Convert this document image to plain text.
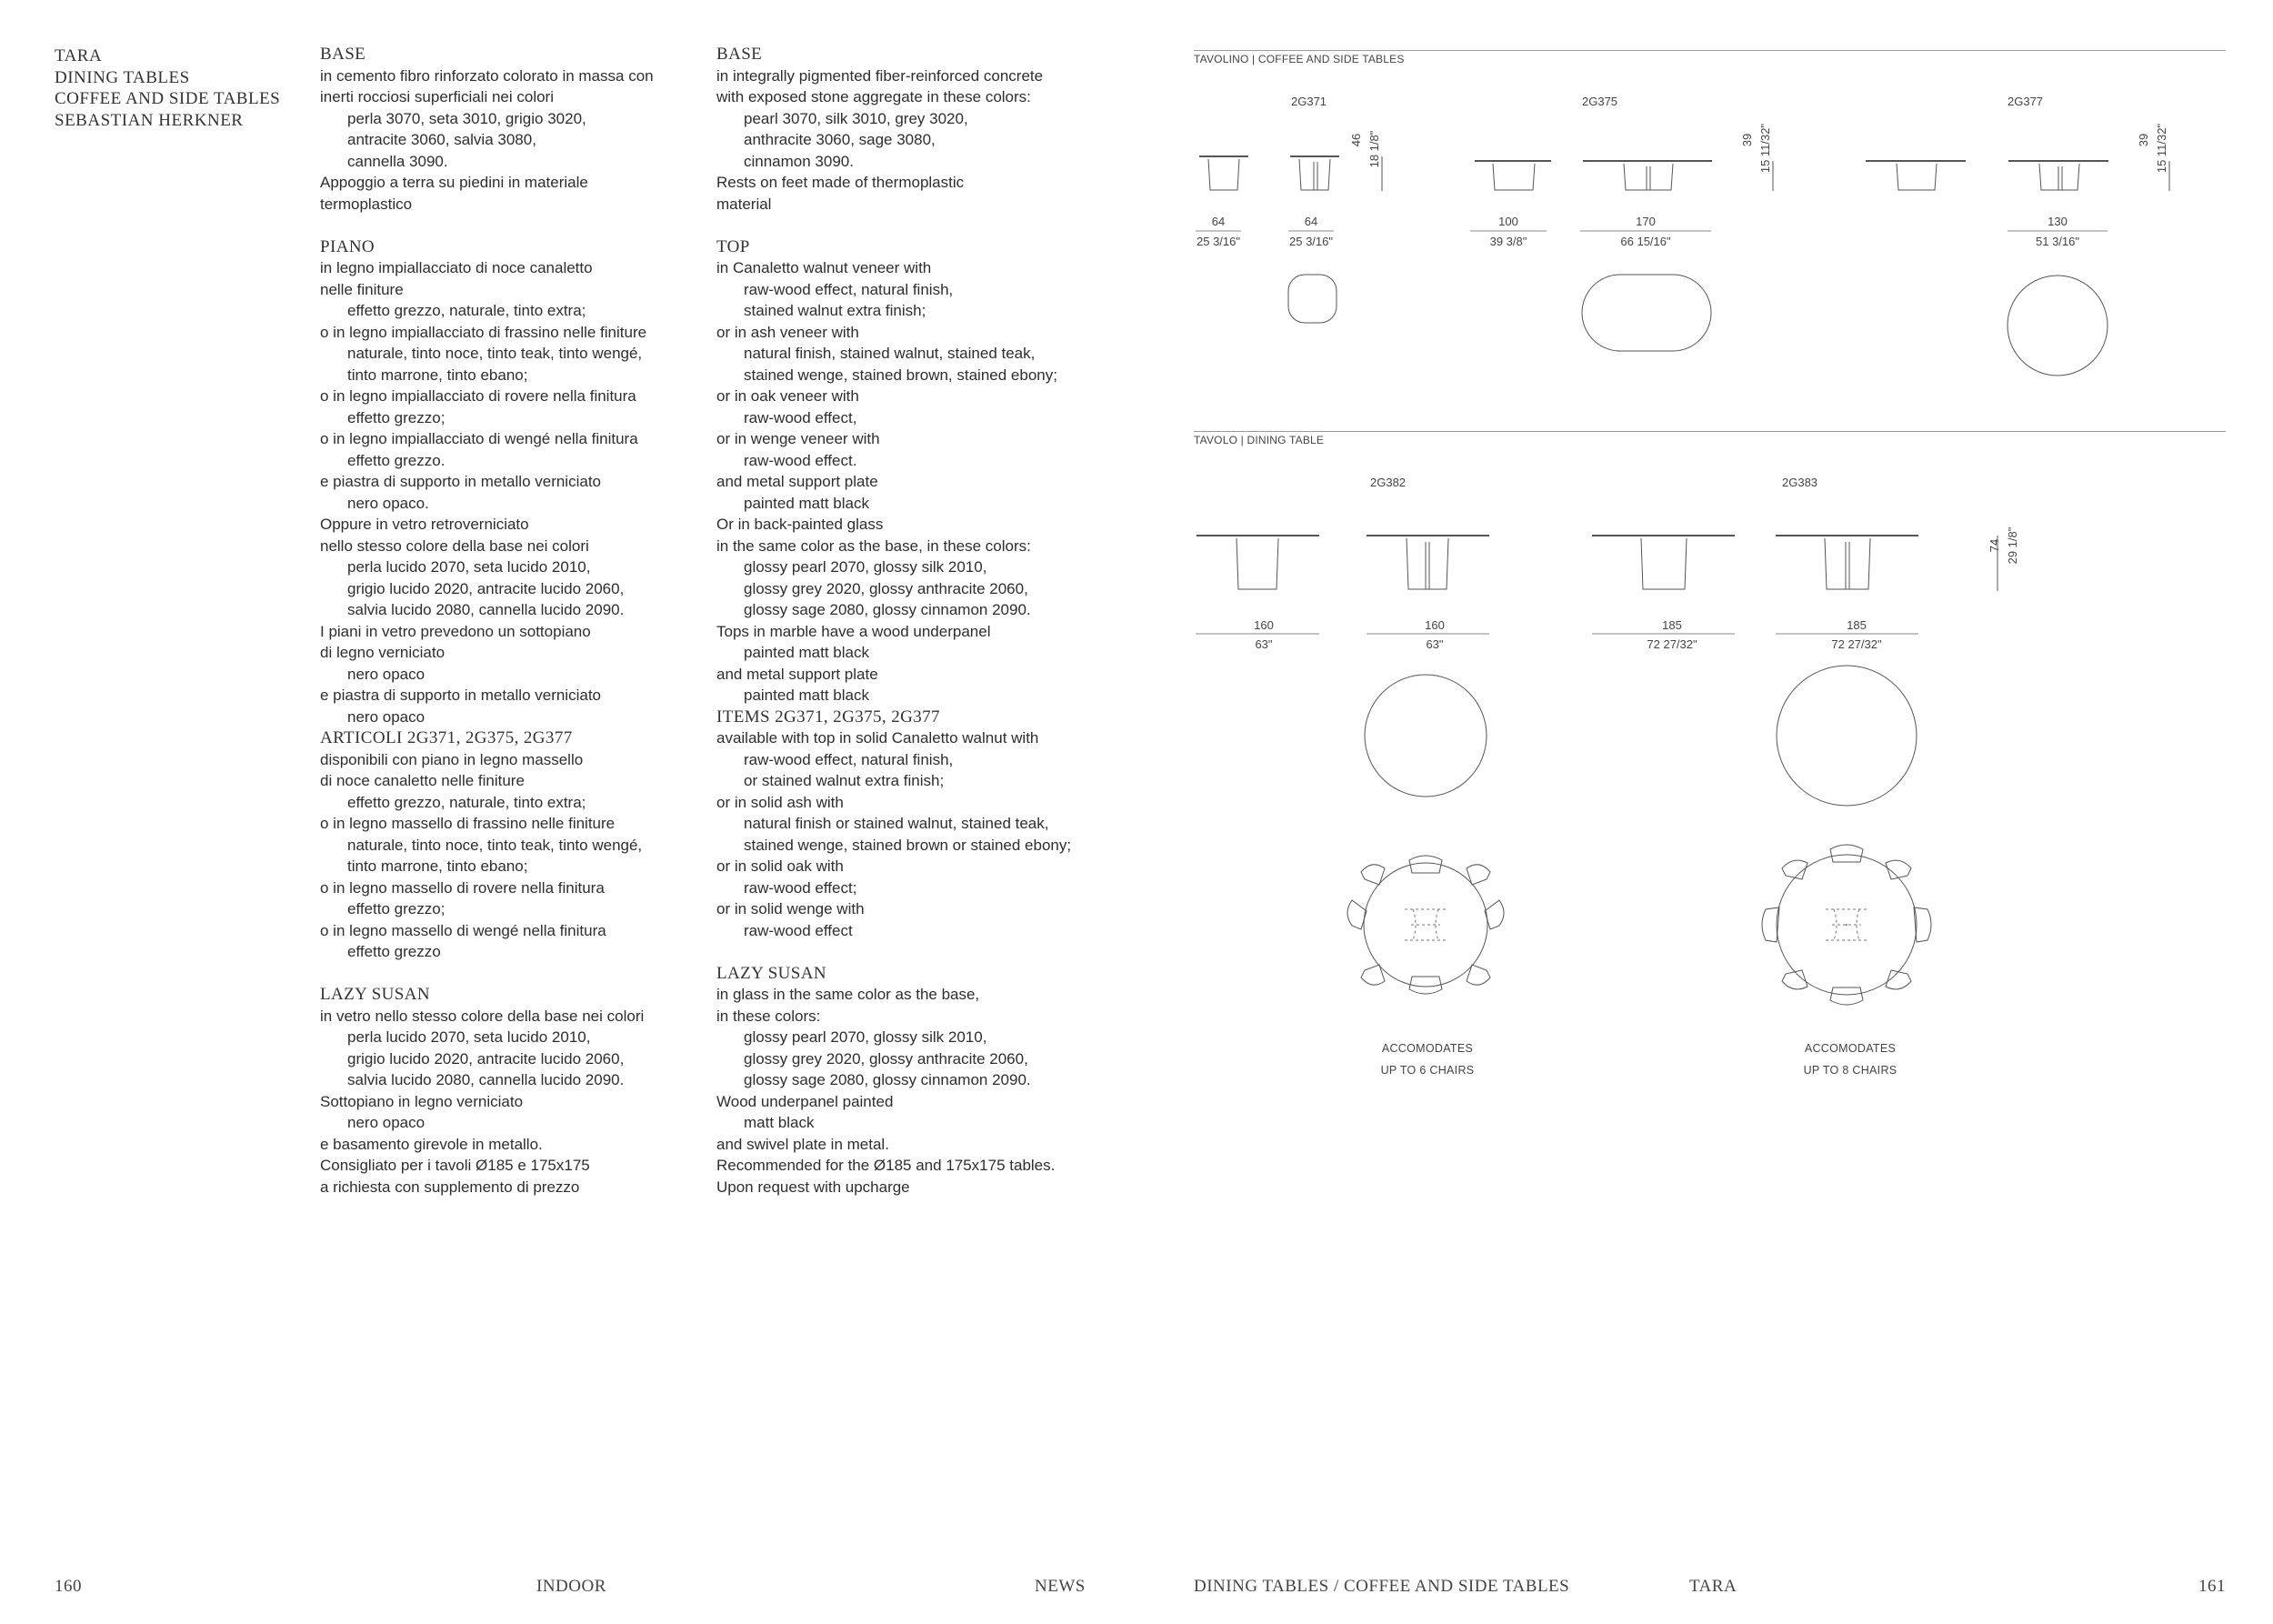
TARA
DINING TABLES
COFFEE AND SIDE TABLES
SEBASTIAN HERKNER
BASE
in cemento fibro rinforzato colorato in massa con
inerti rocciosi superficiali nei colori
perla 3070, seta 3010, grigio 3020,
antracite 3060, salvia 3080,
cannella 3090.
Appoggio a terra su piedini in materiale
termoplastico
PIANO
in legno impiallacciato di noce canaletto
nelle finiture
effetto grezzo, naturale, tinto extra;
o in legno impiallacciato di frassino nelle finiture
naturale, tinto noce, tinto teak, tinto wengé,
tinto marrone, tinto ebano;
o in legno impiallacciato di rovere nella finitura
effetto grezzo;
o in legno impiallacciato di wengé nella finitura
effetto grezzo.
e piastra di supporto in metallo verniciato
nero opaco.
Oppure in vetro retroverniciato
nello stesso colore della base nei colori
perla lucido 2070, seta lucido 2010,
grigio lucido 2020, antracite lucido 2060,
salvia lucido 2080, cannella lucido 2090.
I piani in vetro prevedono un sottopiano
di legno verniciato
nero opaco
e piastra di supporto in metallo verniciato
nero opaco
ARTICOLI 2G371, 2G375, 2G377
disponibili con piano in legno massello
di noce canaletto nelle finiture
effetto grezzo, naturale, tinto extra;
o in legno massello di frassino nelle finiture
naturale, tinto noce, tinto teak, tinto wengé,
tinto marrone, tinto ebano;
o in legno massello di rovere nella finitura
effetto grezzo;
o in legno massello di wengé nella finitura
effetto grezzo
LAZY SUSAN
in vetro nello stesso colore della base nei colori
perla lucido 2070, seta lucido 2010,
grigio lucido 2020, antracite lucido 2060,
salvia lucido 2080, cannella lucido 2090.
Sottopiano in legno verniciato
nero opaco
e basamento girevole in metallo.
Consigliato per i tavoli Ø185 e 175x175
a richiesta con supplemento di prezzo
BASE
in integrally pigmented fiber-reinforced concrete
with exposed stone aggregate in these colors:
pearl 3070, silk 3010, grey 3020,
anthracite 3060, sage 3080,
cinnamon 3090.
Rests on feet made of thermoplastic
material
TOP
in Canaletto walnut veneer with
raw-wood effect, natural finish,
stained walnut extra finish;
or in ash veneer with
natural finish, stained walnut, stained teak,
stained wenge, stained brown, stained ebony;
or in oak veneer with
raw-wood effect,
or in wenge veneer with
raw-wood effect.
and metal support plate
painted matt black
Or in back-painted glass
in the same color as the base, in these colors:
glossy pearl 2070, glossy silk 2010,
glossy grey 2020, glossy anthracite 2060,
glossy sage 2080, glossy cinnamon 2090.
Tops in marble have a wood underpanel
painted matt black
and metal support plate
painted matt black
ITEMS 2G371, 2G375, 2G377
available with top in solid Canaletto walnut with
raw-wood effect, natural finish,
or stained walnut extra finish;
or in solid ash with
natural finish or stained walnut, stained teak,
stained wenge, stained brown or stained ebony;
or in solid oak with
raw-wood effect;
or in solid wenge with
raw-wood effect
LAZY SUSAN
in glass in the same color as the base,
in these colors:
glossy pearl 2070, glossy silk 2010,
glossy grey 2020, glossy anthracite 2060,
glossy sage 2080, glossy cinnamon 2090.
Wood underpanel painted
matt black
and swivel plate in metal.
Recommended for the Ø185 and 175x175 tables.
Upon request with upcharge
TAVOLINO | COFFEE AND SIDE TABLES
2G371	2G375	2G377
64
25 3/16"
64
25 3/16"
100
39 3/8"
170
66 15/16"
130
51 3/16"
46 18 1/8"	39 15 11/32"	39 15 11/32"
TAVOLO | DINING TABLE
2G382	2G383
160
63"
160
63"
185
72 27/32"
185
72 27/32"
74 29 1/8"
ACCOMODATES
UP TO 6 CHAIRS
ACCOMODATES
UP TO 8 CHAIRS
160	INDOOR	NEWS	DINING TABLES / COFFEE AND SIDE TABLES	TARA	161
